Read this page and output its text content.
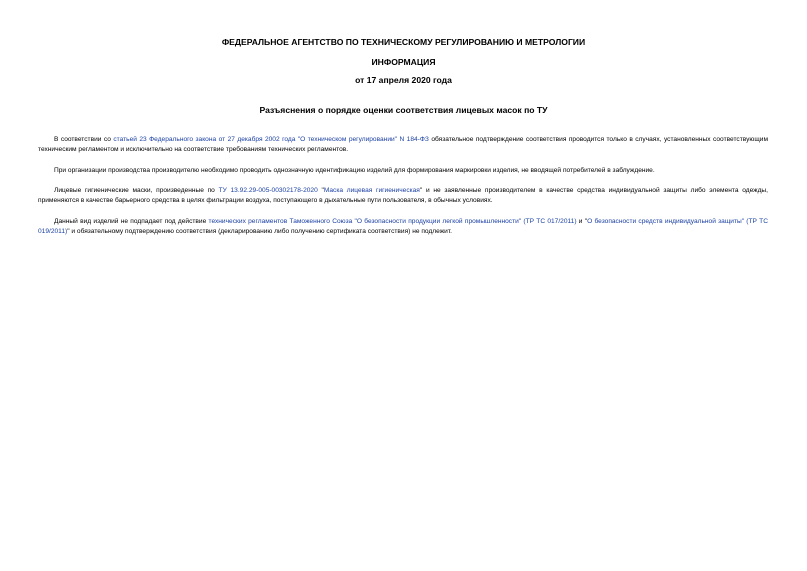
ФЕДЕРАЛЬНОЕ АГЕНТСТВО ПО ТЕХНИЧЕСКОМУ РЕГУЛИРОВАНИЮ И МЕТРОЛОГИИ
ИНФОРМАЦИЯ
от 17 апреля 2020 года
Разъяснения о порядке оценки соответствия лицевых масок по ТУ

В соответствии со статьей 23 Федерального закона от 27 декабря 2002 года "О техническом регулировании" N 184-ФЗ обязательное подтверждение соответствия проводится только в случаях, установленных соответствующим техническим регламентом и исключительно на соответствие требованиям технических регламентов.

При организации производства производителю необходимо проводить однозначную идентификацию изделий для формирования маркировки изделия, не вводящей потребителей в заблуждение.

Лицевые гигиенические маски, произведенные по ТУ 13.92.29-005-00302178-2020 "Маска лицевая гигиеническая" и не заявленные производителем в качестве средства индивидуальной защиты либо элемента одежды, применяются в качестве барьерного средства в целях фильтрации воздуха, поступающего в дыхательные пути пользователя, в обычных условиях.

Данный вид изделий не подпадает под действие технических регламентов Таможенного Союза "О безопасности продукции легкой промышленности" (ТР ТС 017/2011) и "О безопасности средств индивидуальной защиты" (ТР ТС 019/2011)" и обязательному подтверждению соответствия (декларированию либо получению сертификата соответствия) не подлежит.
